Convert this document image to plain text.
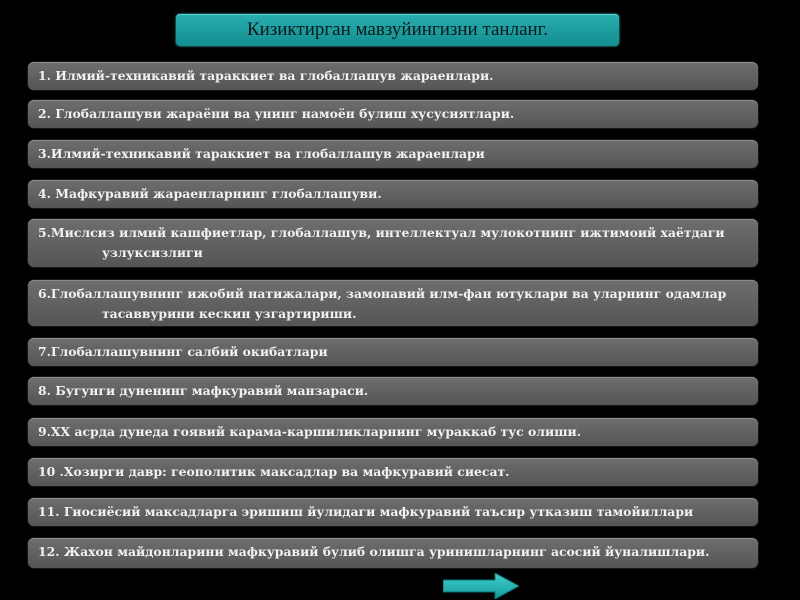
Кизиктирган мавзуйингизни танланг.
1. Илмий-техникавий тараккиет ва глобаллашув жараенлари.
2. Глобаллашуви жараёни ва унинг намоён булиш хусусиятлари.
3.Илмий-техникавий тараккиет ва глобаллашув жараенлари
4. Мафкуравий жараенларнинг глобаллашуви.
5.Мислсиз илмий кашфиетлар, глобаллашув, интеллектуал мулокотнинг ижтимоий хаётдаги
узлуксизлиги
6.Глобаллашувнинг ижобий натижалари, замонавий илм-фан ютуклари ва уларнинг одамлар
тасаввурини кескин узгартириши.
7.Глобаллашувнинг салбий окибатлари
8. Бугунги дуненинг мафкуравий манзараси.
9.XX асрда дунеда гоявий карама-каршиликларнинг мураккаб тус олиши.
10 .Хозирги давр: геополитик максадлар ва мафкуравий сиесат.
11. Гиосиёсий максадларга эришиш йулидаги мафкуравий таъсир утказиш тамойиллари
12. Жахон майдонларини мафкуравий булиб олишга уринишларнинг асосий йуналишлари.
